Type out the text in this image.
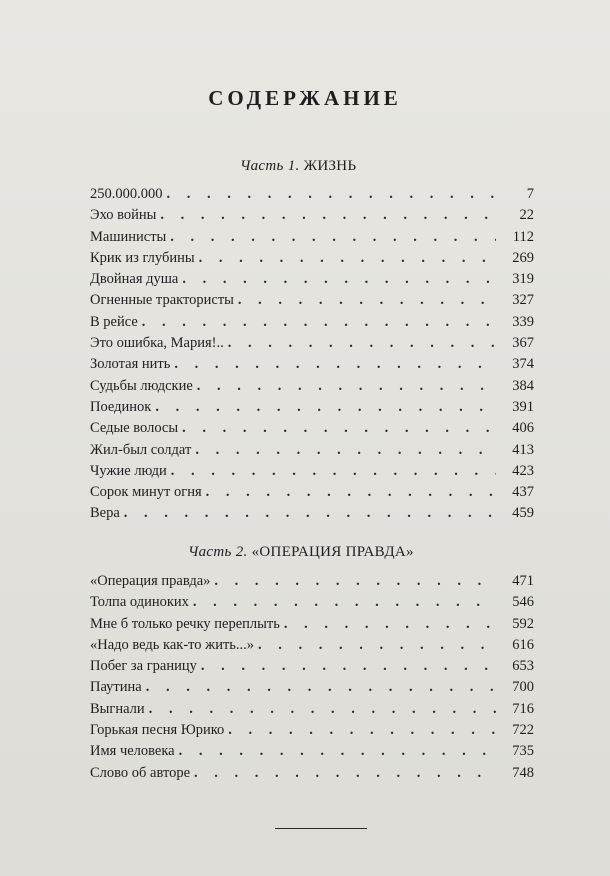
СОДЕРЖАНИЕ
Часть 1. ЖИЗНЬ
250.000.000 . . .	7
Эхо войны . . .	22
Машинисты . . .	112
Крик из глубины . . .	269
Двойная душа . . .	319
Огненные трактористы . . .	327
В рейсе . . .	339
Это ошибка, Мария!.. . . .	367
Золотая нить . . .	374
Судьбы людские . . .	384
Поединок . . .	391
Седые волосы . . .	406
Жил-был солдат . . .	413
Чужие люди . . .	423
Сорок минут огня . . .	437
Вера . . .	459
Часть 2. «ОПЕРАЦИЯ ПРАВДА»
«Операция правда» . . .	471
Толпа одиноких . . .	546
Мне б только речку переплыть . . .	592
«Надо ведь как-то жить...» . . .	616
Побег за границу . . .	653
Паутина . . .	700
Выгнали . . .	716
Горькая песня Юрико . . .	722
Имя человека . . .	735
Слово об авторе . . .	748
